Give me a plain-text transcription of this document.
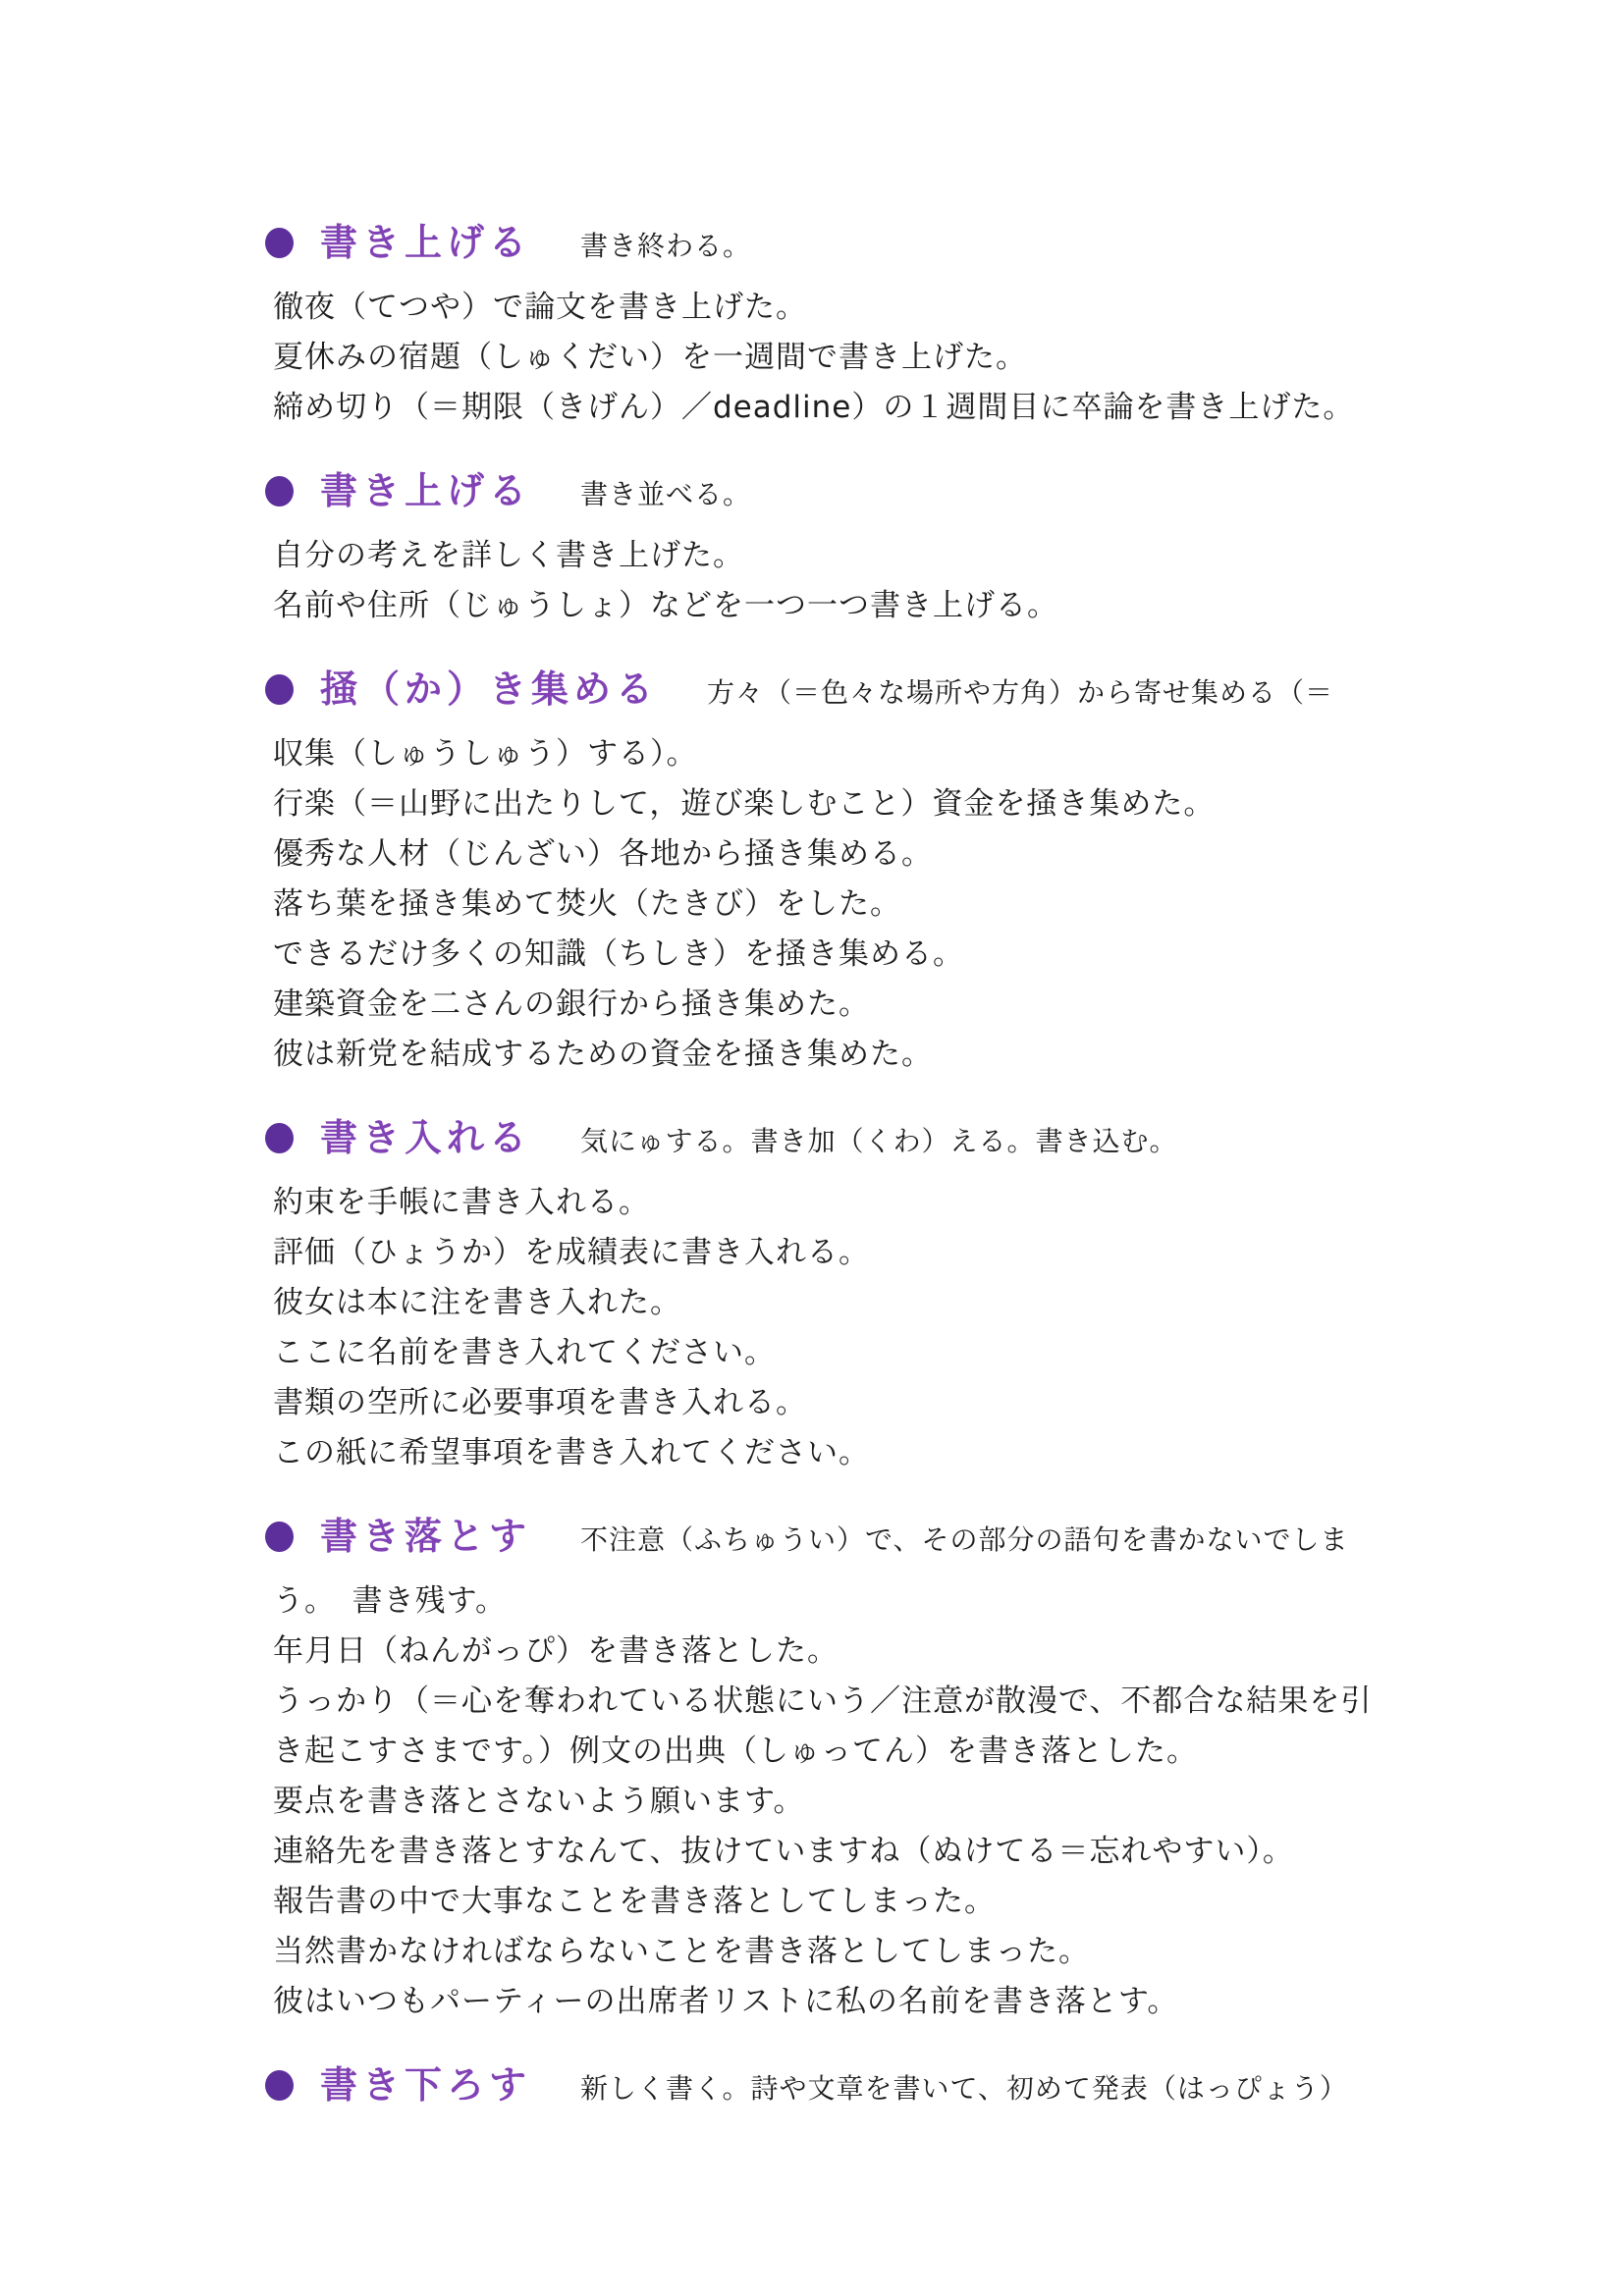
書き上げる 書き終わる。
徹夜（てつや）で論文を書き上げた。
夏休みの宿題（しゅくだい）を一週間で書き上げた。
締め切り（＝期限（きげん）／deadline）の１週間目に卒論を書き上げた。
書き上げる 書き並べる。
自分の考えを詳しく書き上げた。
名前や住所（じゅうしょ）などを一つ一つ書き上げる。
掻（か）き集める 方々（＝色々な場所や方角）から寄せ集める（＝
収集（しゅうしゅう）する）。
行楽（＝山野に出たりして，遊び楽しむこと）資金を掻き集めた。
優秀な人材（じんざい）各地から掻き集める。
落ち葉を掻き集めて焚火（たきび）をした。
できるだけ多くの知識（ちしき）を掻き集める。
建築資金を二さんの銀行から掻き集めた。
彼は新党を結成するための資金を掻き集めた。
書き入れる 気にゅする。書き加（くわ）える。書き込む。
約束を手帳に書き入れる。
評価（ひょうか）を成績表に書き入れる。
彼女は本に注を書き入れた。
ここに名前を書き入れてください。
書類の空所に必要事項を書き入れる。
この紙に希望事項を書き入れてください。
書き落とす 不注意（ふちゅうい）で、その部分の語句を書かないでしま
う。　書き残す。
年月日（ねんがっぴ）を書き落とした。
うっかり（＝心を奪われている状態にいう／注意が散漫で、不都合な結果を引
き起こすさまです。）例文の出典（しゅってん）を書き落とした。
要点を書き落とさないよう願います。
連絡先を書き落とすなんて、抜けていますね（ぬけてる＝忘れやすい）。
報告書の中で大事なことを書き落としてしまった。
当然書かなければならないことを書き落としてしまった。
彼はいつもパーティーの出席者リストに私の名前を書き落とす。
書き下ろす 新しく書く。詩や文章を書いて、初めて発表（はっぴょう）
